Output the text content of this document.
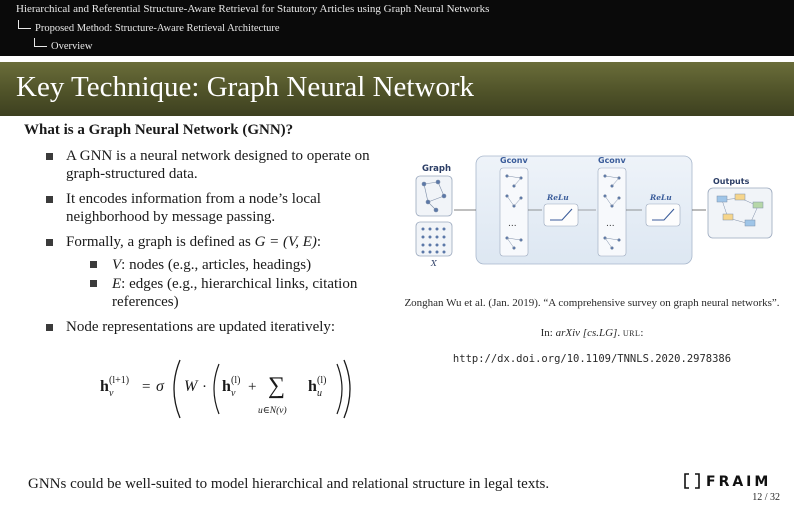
Hierarchical and Referential Structure-Aware Retrieval for Statutory Articles using Graph Neural Networks
Proposed Method: Structure-Aware Retrieval Architecture
Overview
Key Technique: Graph Neural Network
What is a Graph Neural Network (GNN)?
A GNN is a neural network designed to operate on graph-structured data.
It encodes information from a node’s local neighborhood by message passing.
Formally, a graph is defined as G = (V, E):
V: nodes (e.g., articles, headings)
E: edges (e.g., hierarchical links, citation references)
Node representations are updated iteratively:
h (l+1)
v = σ W · h (l)
v + ∑
u∈N(v)
h (l)
u
Graph
X
Gconv
...
ReLu
Gconv
...
ReLu
Outputs
Zonghan Wu et al. (Jan. 2019). “A comprehensive survey on graph neural networks”. In: arXiv [cs.LG]. URL:
http://dx.doi.org/10.1109/TNNLS.2020.2978386
GNNs could be well-suited to model hierarchical and relational structure in legal texts.	FRAIM
12 / 32
